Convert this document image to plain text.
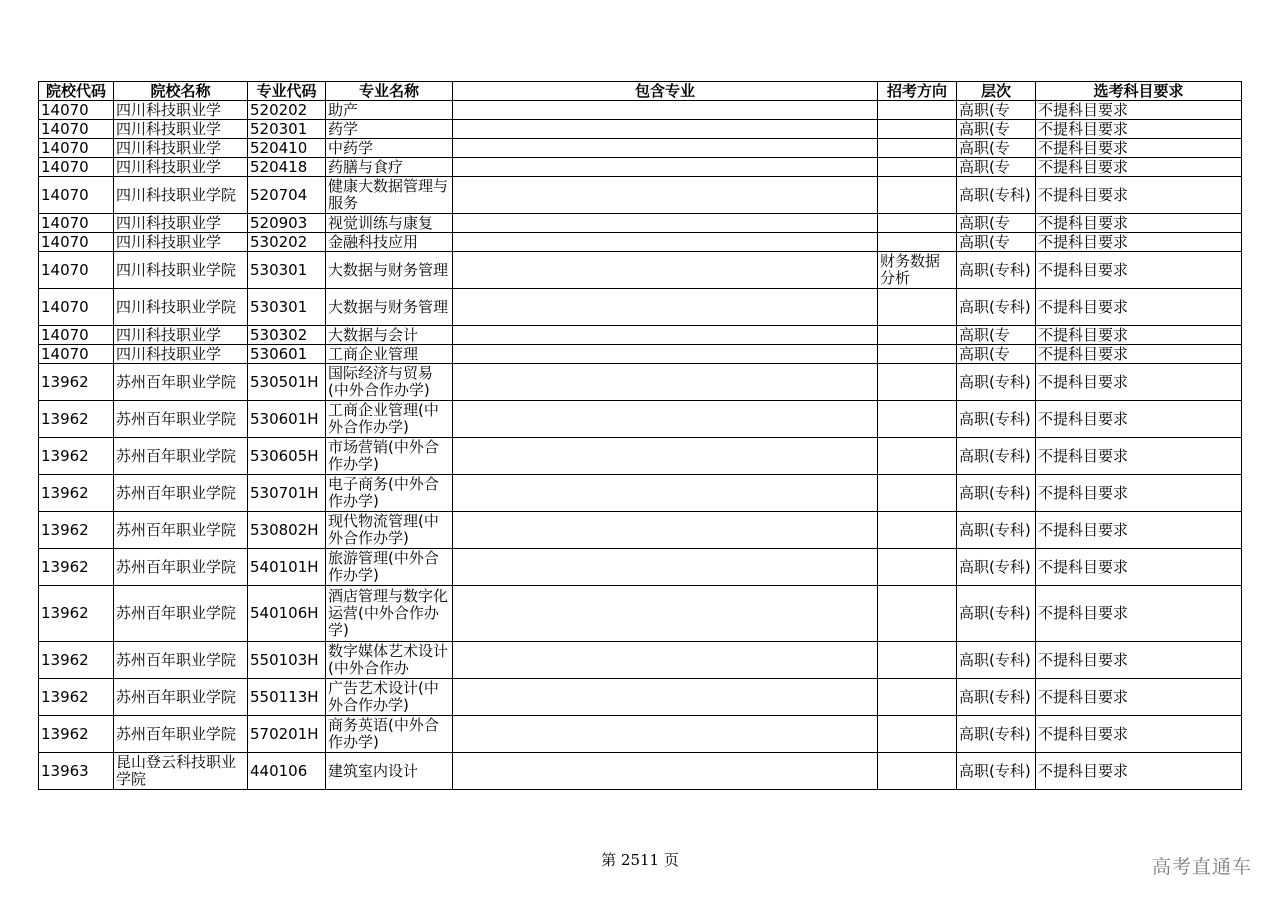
院校代码	院校名称	专业代码	专业名称	包含专业	招考方向	层次	选考科目要求

14070	四川科技职业学	520202	助产			高职(专	不提科目要求

14070	四川科技职业学	520301	药学			高职(专	不提科目要求

14070	四川科技职业学	520410	中药学			高职(专	不提科目要求

14070	四川科技职业学	520418	药膳与食疗			高职(专	不提科目要求

14070	四川科技职业学院	520704	健康大数据管理与服务			高职(专科)	不提科目要求

14070	四川科技职业学	520903	视觉训练与康复			高职(专	不提科目要求

14070	四川科技职业学	530202	金融科技应用			高职(专	不提科目要求

14070	四川科技职业学院	530301	大数据与财务管理		财务数据分析	高职(专科)	不提科目要求

14070	四川科技职业学院	530301	大数据与财务管理			高职(专科)	不提科目要求

14070	四川科技职业学	530302	大数据与会计			高职(专	不提科目要求

14070	四川科技职业学	530601	工商企业管理			高职(专	不提科目要求

13962	苏州百年职业学院	530501H	国际经济与贸易(中外合作办学)			高职(专科)	不提科目要求

13962	苏州百年职业学院	530601H	工商企业管理(中外合作办学)			高职(专科)	不提科目要求

13962	苏州百年职业学院	530605H	市场营销(中外合作办学)			高职(专科)	不提科目要求

13962	苏州百年职业学院	530701H	电子商务(中外合作办学)			高职(专科)	不提科目要求

13962	苏州百年职业学院	530802H	现代物流管理(中外合作办学)			高职(专科)	不提科目要求

13962	苏州百年职业学院	540101H	旅游管理(中外合作办学)			高职(专科)	不提科目要求

13962	苏州百年职业学院	540106H	酒店管理与数字化运营(中外合作办学)			高职(专科)	不提科目要求

13962	苏州百年职业学院	550103H	数字媒体艺术设计(中外合作办			高职(专科)	不提科目要求

13962	苏州百年职业学院	550113H	广告艺术设计(中外合作办学)			高职(专科)	不提科目要求

13962	苏州百年职业学院	570201H	商务英语(中外合作办学)			高职(专科)	不提科目要求

13963	昆山登云科技职业学院	440106	建筑室内设计			高职(专科)	不提科目要求
第 2511 页	高考直通车
